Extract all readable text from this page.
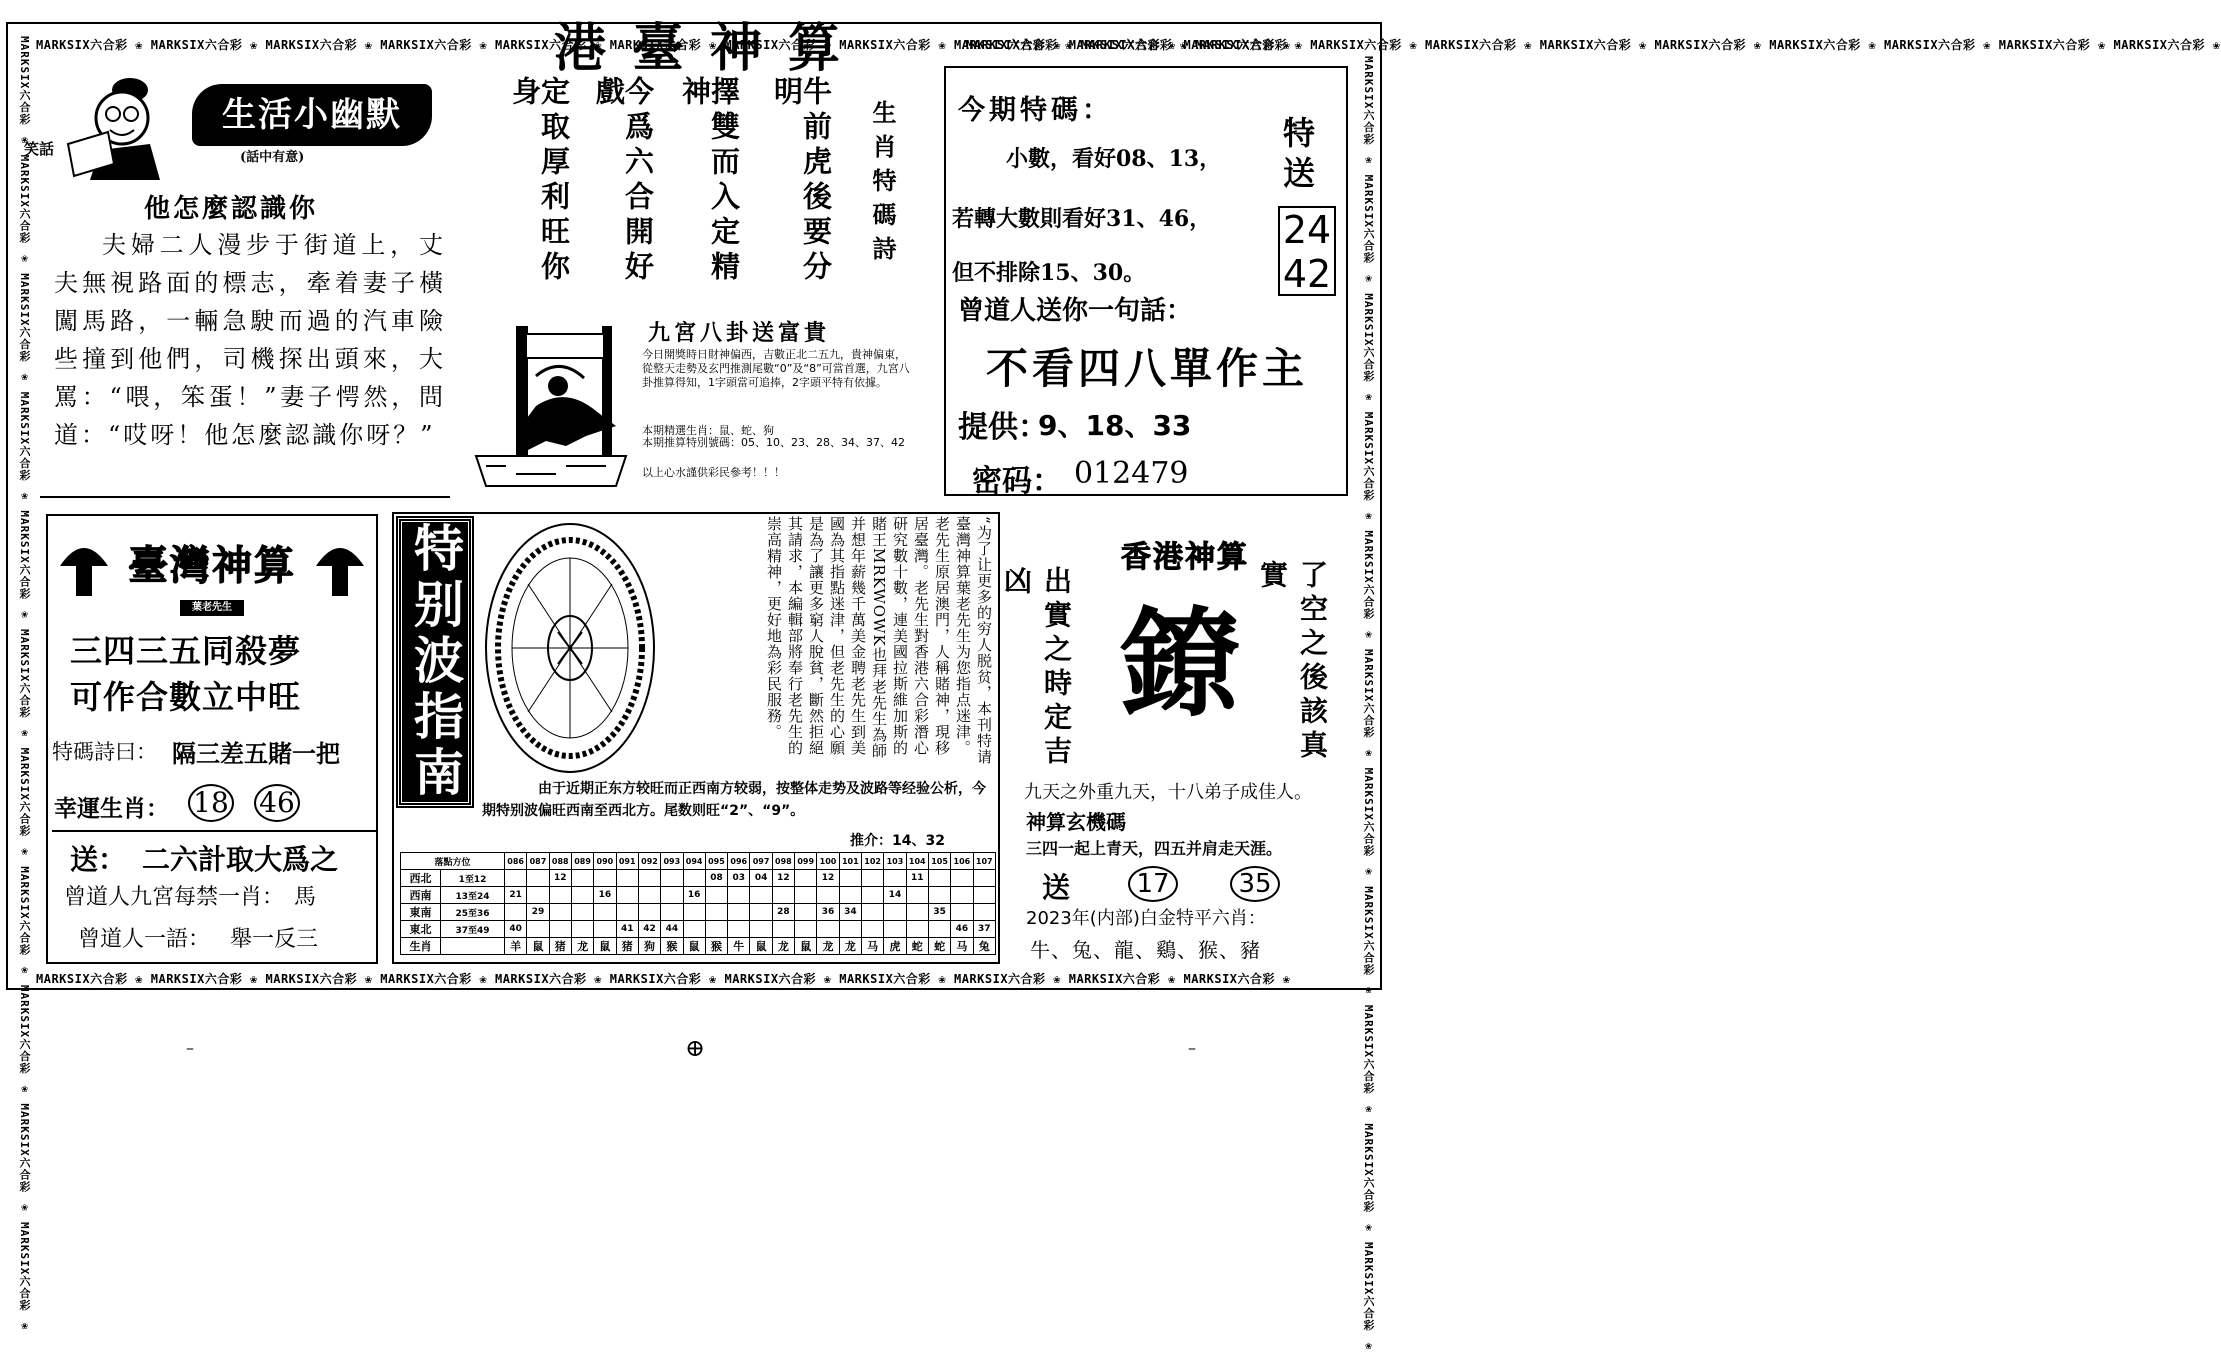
MARKSIX六合彩 ❀ MARKSIX六合彩 ❀ MARKSIX六合彩 ❀ MARKSIX六合彩 ❀ MARKSIX六合彩 ❀ MARKSIX六合彩 ❀ MARKSIX六合彩 ❀ MARKSIX六合彩 ❀ MARKSIX六合彩 ❀ MARKSIX六合彩 ❀ MARKSIX六合彩 ❀
MARKSIX六合彩 ❀ MARKSIX六合彩 ❀ MARKSIX六合彩 ❀ MARKSIX六合彩 ❀ MARKSIX六合彩 ❀ MARKSIX六合彩 ❀ MARKSIX六合彩 ❀ MARKSIX六合彩 ❀ MARKSIX六合彩 ❀ MARKSIX六合彩 ❀ MARKSIX六合彩 ❀
MARKSIX六合彩 ❀ MARKSIX六合彩 ❀ MARKSIX六合彩 ❀ MARKSIX六合彩 ❀ MARKSIX六合彩 ❀ MARKSIX六合彩 ❀ MARKSIX六合彩 ❀ MARKSIX六合彩 ❀ MARKSIX六合彩 ❀ MARKSIX六合彩 ❀ MARKSIX六合彩 ❀
MARKSIX六合彩 ❀ MARKSIX六合彩 ❀ MARKSIX六合彩 ❀ MARKSIX六合彩 ❀ MARKSIX六合彩 ❀ MARKSIX六合彩 ❀ MARKSIX六合彩 ❀ MARKSIX六合彩 ❀ MARKSIX六合彩 ❀ MARKSIX六合彩 ❀ MARKSIX六合彩 ❀	MARKSIX六合彩 ❀ MARKSIX六合彩 ❀ MARKSIX六合彩 ❀ MARKSIX六合彩 ❀ MARKSIX六合彩 ❀ MARKSIX六合彩 ❀ MARKSIX六合彩 ❀ MARKSIX六合彩 ❀ MARKSIX六合彩 ❀ MARKSIX六合彩 ❀ MARKSIX六合彩 ❀
港臺神算
笑話
生活小幽默
(話中有意)
他怎麼認識你
夫婦二人漫步于街道上，丈夫無視路面的標志，牽着妻子橫闖馬路，一輛急駛而過的汽車險些撞到他們，司機探出頭來，大罵：“喂，笨蛋！”妻子愕然，問道：“哎呀！他怎麼認識你呀？”
牛前虎後要分明
擇雙而入定精神
今爲六合開好戲
定取厚利旺你身
生肖特碼詩
九宮八卦送富貴
今日開獎時日財神偏西，吉數正北二五九，貴神偏東，從整天走勢及玄門推測尾數“0”及“8”可當首選，九宮八卦推算得知，1字頭當可追捧，2字頭平特有依據。
本期精選生肖：鼠、蛇、狗
本期推算特別號碼：05、10、23、28、34、37、42
以上心水謹供彩民參考！！！
今期特碼：
小數，看好08、13，
若轉大數則看好31、46，
但不排除15、30。
特送
24
42
曾道人送你一句話：
不看四八單作主
提供：
9、18、33
密码： 012479
臺灣神算
葉老先生
三四三五同殺夢
可作合數立中旺
特碼詩曰： 隔三差五賭一把
幸運生肖： 18 46
送： 二六計取大爲之
曾道人九宮每禁一肖： 馬
曾道人一語： 舉一反三
特别波指南	“为了让更多的穷人脱贫，本刊特请臺灣神算葉老先生为您指点迷津。老先生原居澳門，人稱賭神，現移居臺灣。老先生對香港六合彩潛心研究數十數，連美國拉斯維加斯的賭王MRKWOWK也拜老先生為師
并想年薪幾千萬美金聘老先生到美國為其指點迷津，但老先生的心願是為了讓更多窮人脫貧，斷然拒絕其請求，本編輯部將奉行老先生的崇高精神，更好地為彩民服務。
由于近期正东方较旺而正西南方较弱，按整体走势及波路等经验公析，今期特别波偏旺西南至西北方。尾数则旺“2”、“9”。
推介：14、32
落點方位		086	087	088	089	090	091	092	093	094	095	096	097	098	099	100	101	102	103	104	105	106	107
西北	1至12			12							08	03	04	12		12				11			
西南	13至24	21				16				16									14				
東南	25至36		29											28		36	34				35		
東北	37至49	40					41	42	44													46	37
生肖		羊	鼠	猪	龙	鼠	猪	狗	猴	鼠	猴	牛	鼠	龙	鼠	龙	龙	马	虎	蛇	蛇	马	兔
香港神算
出實之時定吉凶	了空之後該真實
鐐
九天之外重九天，十八弟子成佳人。
神算玄機碼
三四一起上青天，四五并肩走天涯。
送	17	35
2023年(内部)白金特平六肖：
牛、兔、龍、鷄、猴、豬
–	–
⊕
